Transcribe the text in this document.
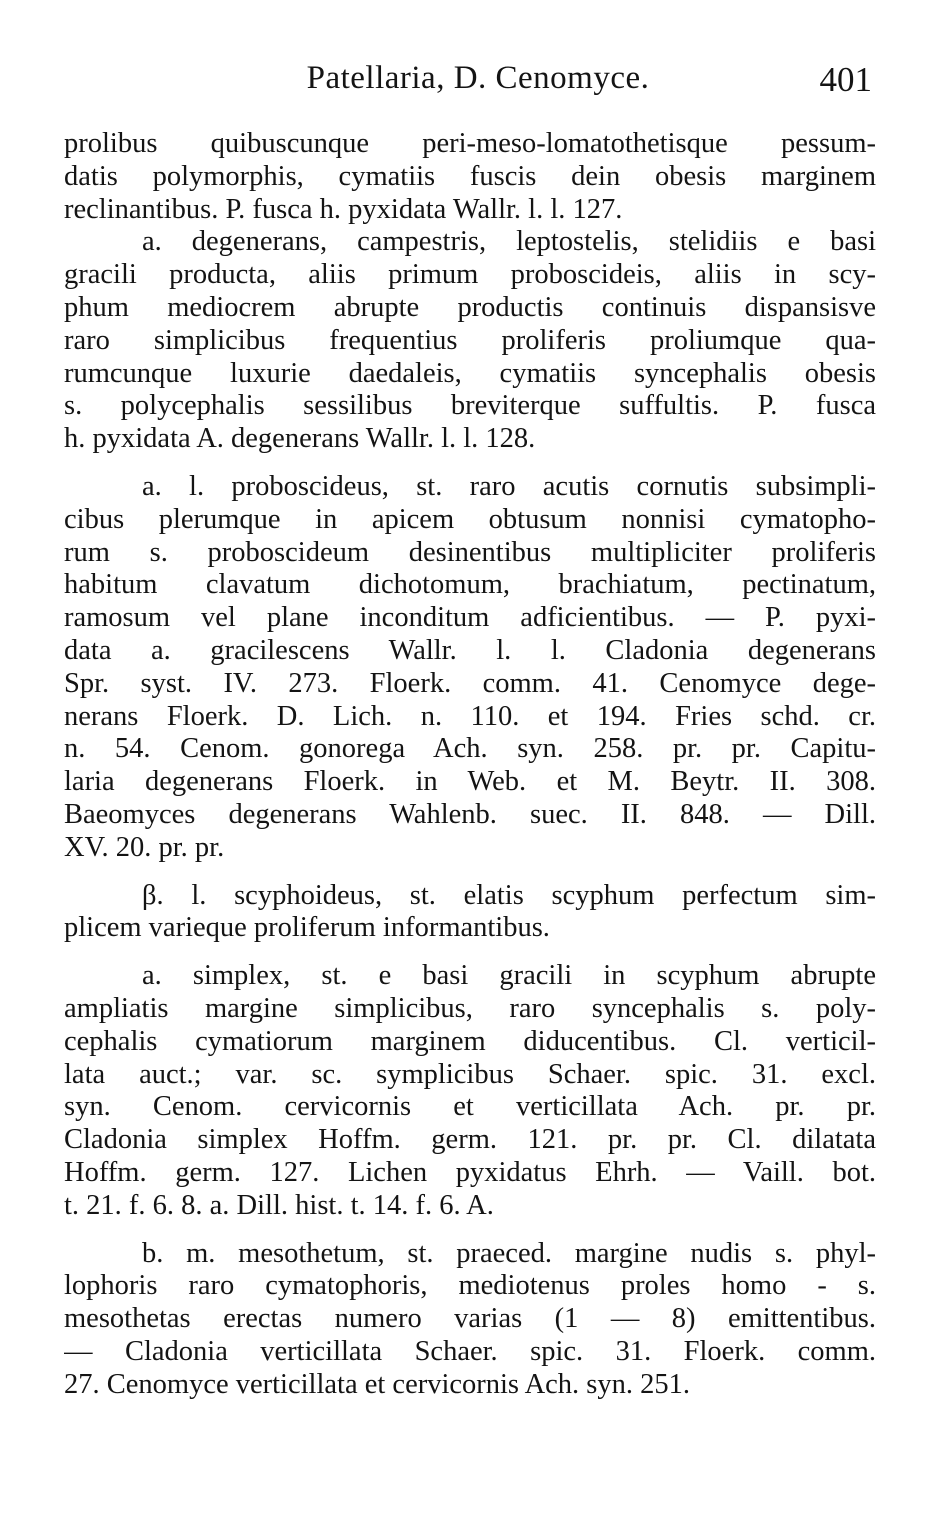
Patellaria, D. Cenomyce.	401
prolibus quibuscunque peri-meso-lomatothetisque pessum-
datis polymorphis, cymatiis fuscis dein obesis marginem
reclinantibus. P. fusca h. pyxidata Wallr. l. l. 127.
a. degenerans, campestris, leptostelis, stelidiis e basi
gracili producta, aliis primum proboscideis, aliis in scy-
phum mediocrem abrupte productis continuis dispansisve
raro simplicibus frequentius proliferis proliumque qua-
rumcunque luxurie daedaleis, cymatiis syncephalis obesis
s. polycephalis sessilibus breviterque suffultis. P. fusca
h. pyxidata A. degenerans Wallr. l. l. 128.
a. l. proboscideus, st. raro acutis cornutis subsimpli-
cibus plerumque in apicem obtusum nonnisi cymatopho-
rum s. proboscideum desinentibus multipliciter proliferis
habitum clavatum dichotomum, brachiatum, pectinatum,
ramosum vel plane inconditum adficientibus. — P. pyxi-
data a. gracilescens Wallr. l. l. Cladonia degenerans
Spr. syst. IV. 273. Floerk. comm. 41. Cenomyce dege-
nerans Floerk. D. Lich. n. 110. et 194. Fries schd. cr.
n. 54. Cenom. gonorega Ach. syn. 258. pr. pr. Capitu-
laria degenerans Floerk. in Web. et M. Beytr. II. 308.
Baeomyces degenerans Wahlenb. suec. II. 848. — Dill.
XV. 20. pr. pr.
β. l. scyphoideus, st. elatis scyphum perfectum sim-
plicem varieque proliferum informantibus.
a. simplex, st. e basi gracili in scyphum abrupte
ampliatis margine simplicibus, raro syncephalis s. poly-
cephalis cymatiorum marginem diducentibus. Cl. verticil-
lata auct.; var. sc. symplicibus Schaer. spic. 31. excl.
syn. Cenom. cervicornis et verticillata Ach. pr. pr.
Cladonia simplex Hoffm. germ. 121. pr. pr. Cl. dilatata
Hoffm. germ. 127. Lichen pyxidatus Ehrh. — Vaill. bot.
t. 21. f. 6. 8. a. Dill. hist. t. 14. f. 6. A.
b. m. mesothetum, st. praeced. margine nudis s. phyl-
lophoris raro cymatophoris, mediotenus proles homo - s.
mesothetas erectas numero varias (1 — 8) emittentibus.
— Cladonia verticillata Schaer. spic. 31. Floerk. comm.
27. Cenomyce verticillata et cervicornis Ach. syn. 251.
